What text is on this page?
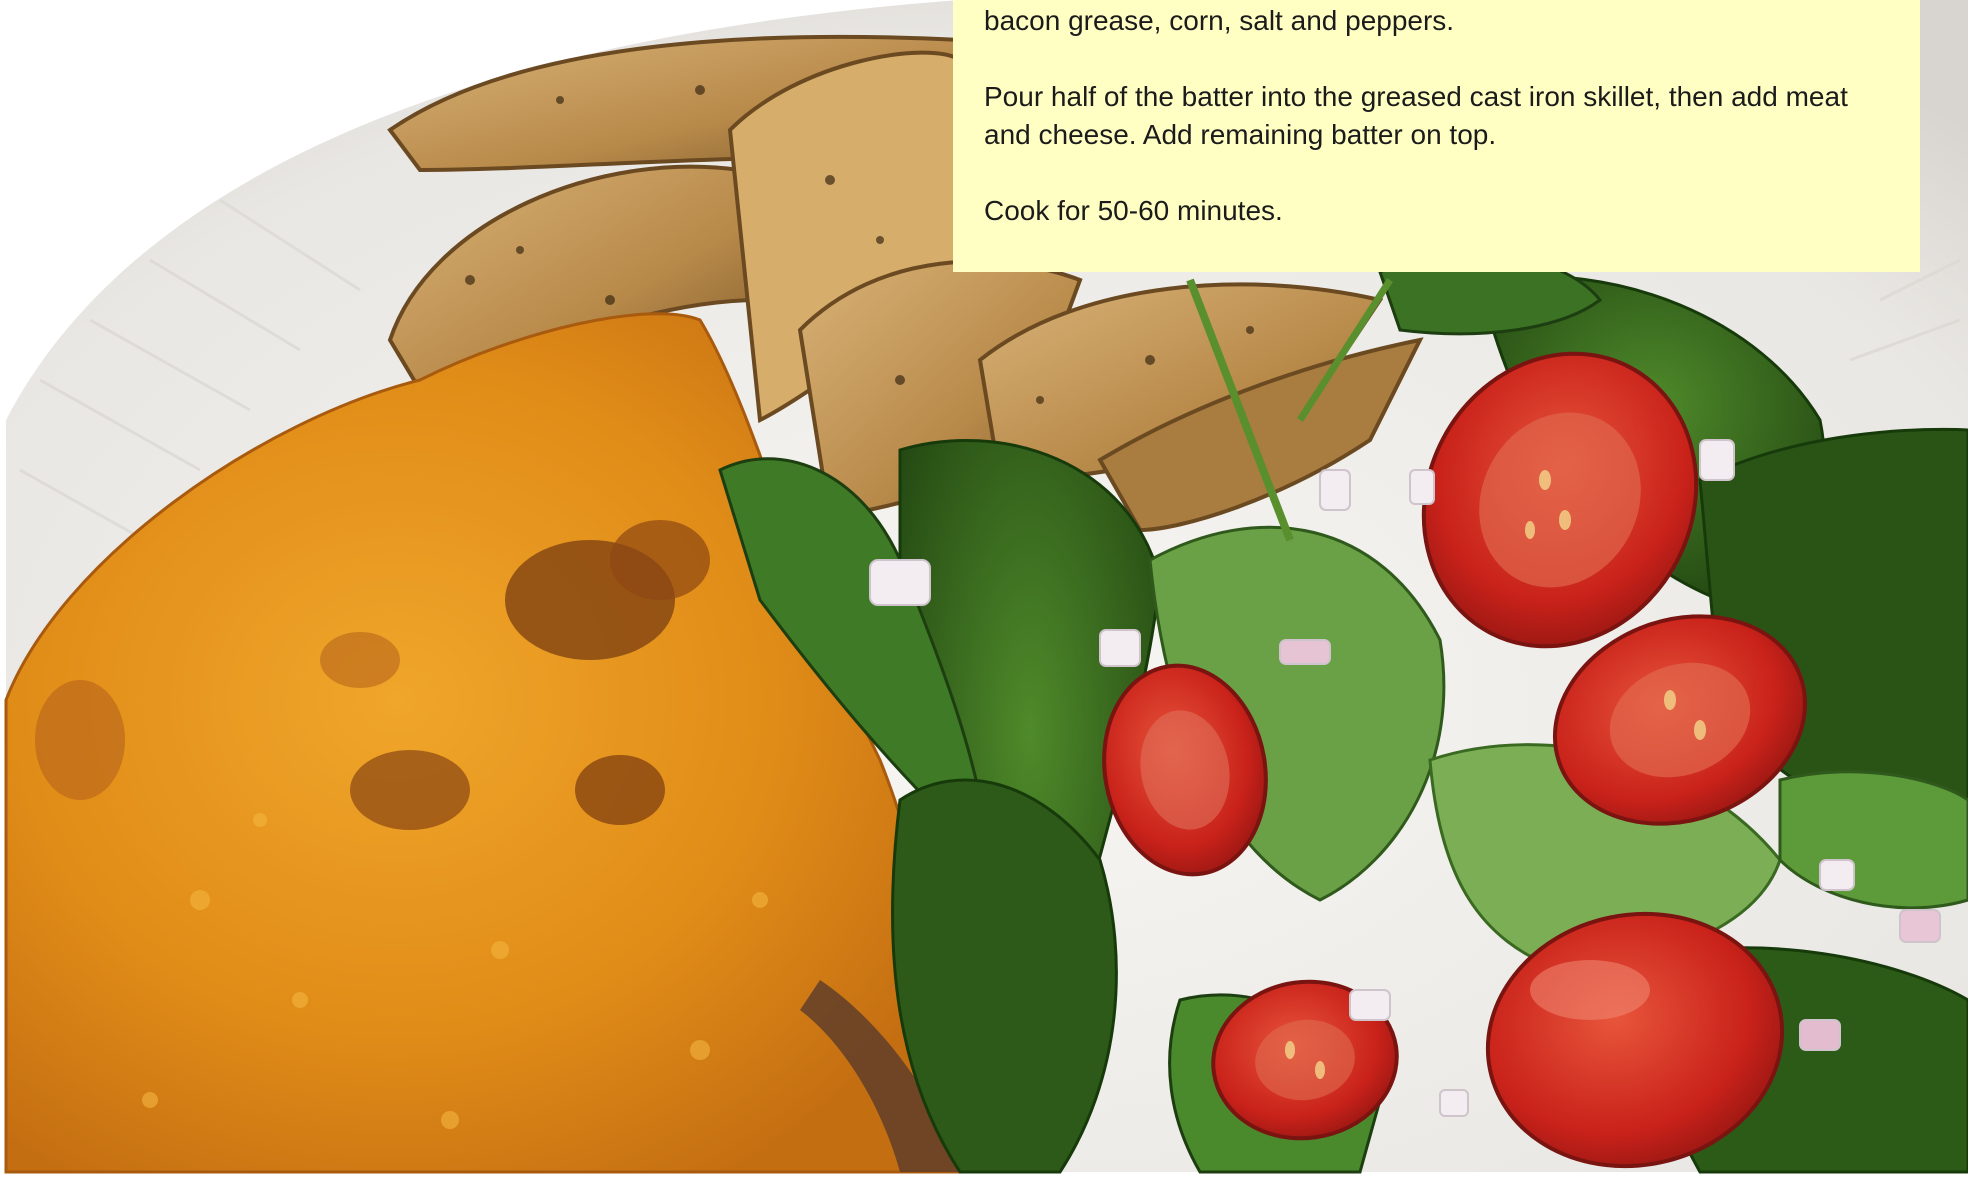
bacon grease, corn, salt and peppers.

Pour half of the batter into the greased cast iron skillet, then add meat and cheese. Add remaining batter on top.

Cook for 50-60 minutes.
